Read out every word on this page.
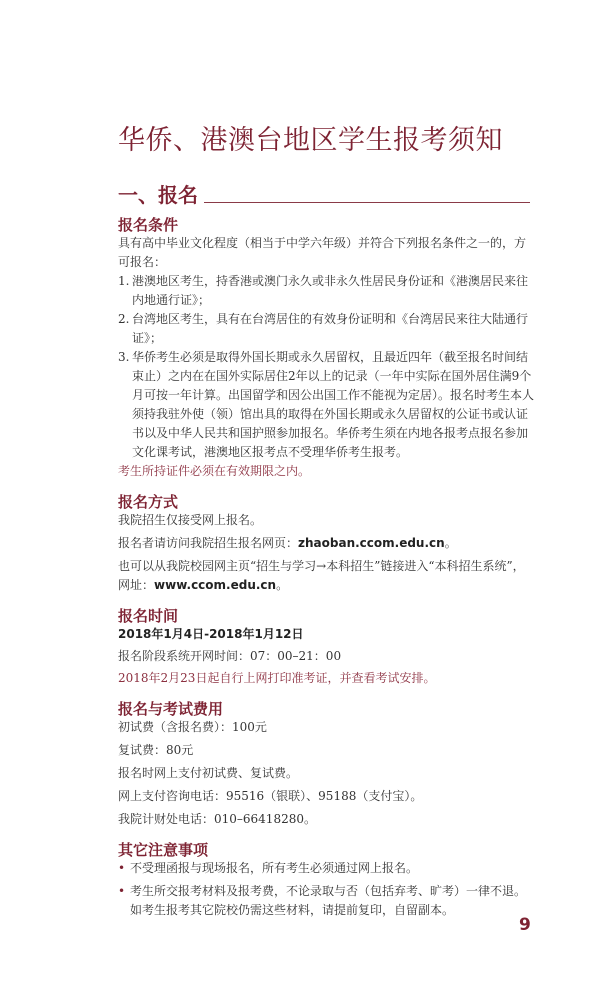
华侨、港澳台地区学生报考须知
一、报名
报名条件

具有高中毕业文化程度（相当于中学六年级）并符合下列报名条件之一的，方可报名：

1. 港澳地区考生，持香港或澳门永久或非永久性居民身份证和《港澳居民来往内地通行证》；
2. 台湾地区考生，具有在台湾居住的有效身份证明和《台湾居民来往大陆通行证》；
3. 华侨考生必须是取得外国长期或永久居留权，且最近四年（截至报名时间结束止）之内在在国外实际居住2年以上的记录（一年中实际在国外居住满9个月可按一年计算。出国留学和因公出国工作不能视为定居）。报名时考生本人须持我驻外使（领）馆出具的取得在外国长期或永久居留权的公证书或认证书以及中华人民共和国护照参加报名。华侨考生须在内地各报考点报名参加文化课考试，港澳地区报考点不受理华侨考生报考。

考生所持证件必须在有效期限之内。

报名方式

我院招生仅接受网上报名。

报名者请访问我院招生报名网页：zhaoban.ccom.edu.cn。

也可以从我院校园网主页“招生与学习→本科招生”链接进入“本科招生系统”，网址：www.ccom.edu.cn。

报名时间

2018年1月4日-2018年1月12日

报名阶段系统开网时间：07：00–21：00

2018年2月23日起自行上网打印准考证，并查看考试安排。

报名与考试费用

初试费（含报名费）：100元

复试费：80元

报名时网上支付初试费、复试费。

网上支付咨询电话：95516（银联）、95188（支付宝）。

我院计财处电话：010–66418280。

其它注意事项
• 不受理函报与现场报名，所有考生必须通过网上报名。
• 考生所交报考材料及报考费，不论录取与否（包括弃考、旷考）一律不退。如考生报考其它院校仍需这些材料，请提前复印，自留副本。
9
